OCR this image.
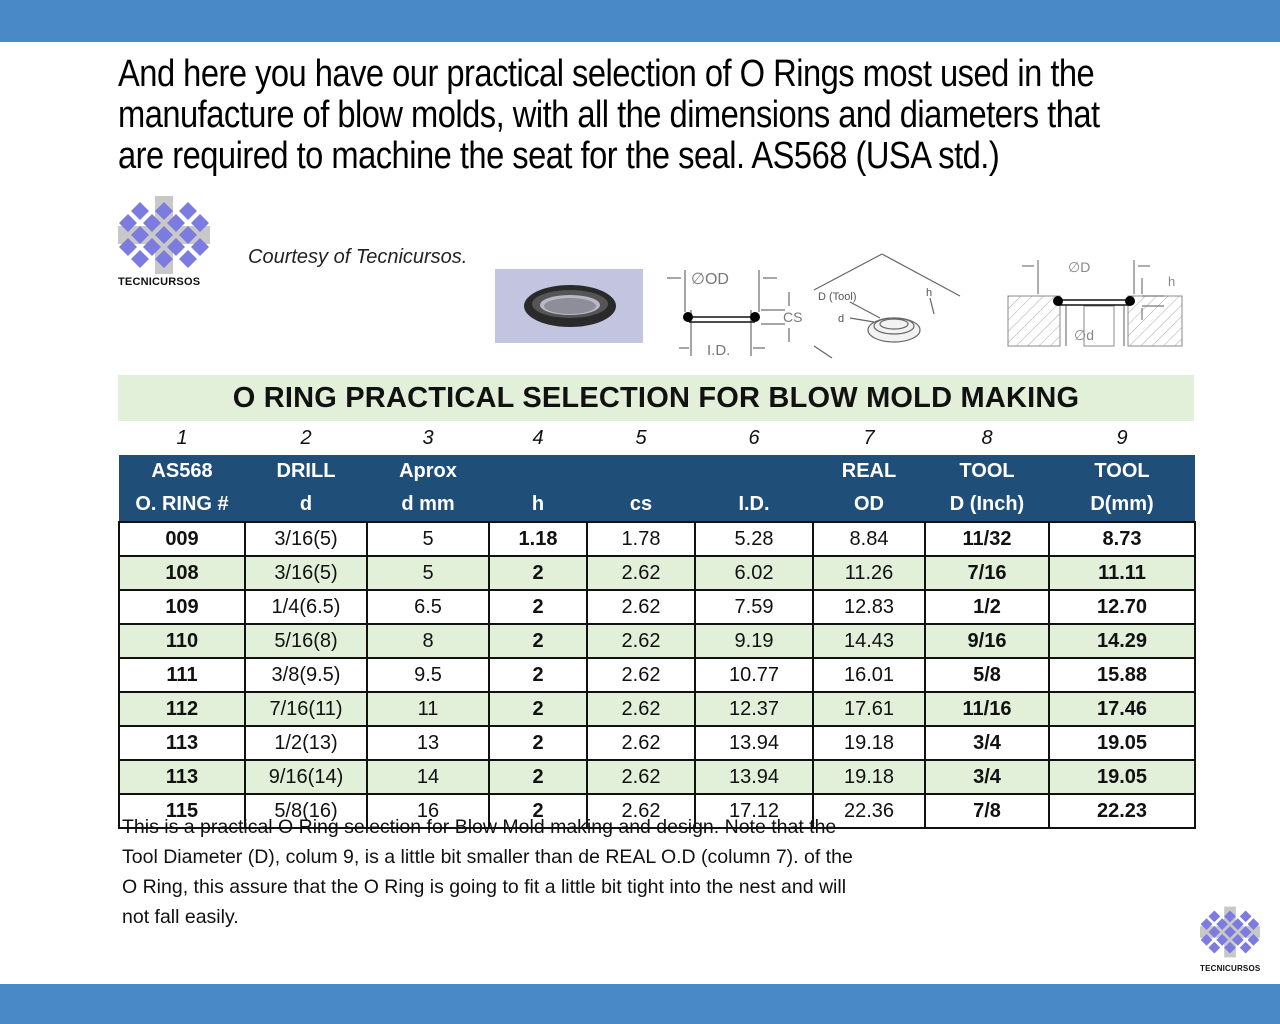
And here you have our practical selection of O Rings most used in the
manufacture of blow molds, with all the dimensions and diameters that
are required to machine the seat for the seal. AS568 (USA std.)
TECNICURSOS
Courtesy of Tecnicursos.
∅OD
CS
I.D.
D (Tool)
d
h
∅D
h
∅d
O RING PRACTICAL SELECTION FOR BLOW MOLD MAKING
1	2	3	4	5	6	7	8	9
AS568	DRILL	Aprox				REAL	TOOL	TOOL
O. RING #	d	d mm	h	cs	I.D.	OD	D (Inch)	D(mm)
009	3/16(5)	5	1.18	1.78	5.28	8.84	11/32	8.73
108	3/16(5)	5	2	2.62	6.02	11.26	7/16	11.11
109	1/4(6.5)	6.5	2	2.62	7.59	12.83	1/2	12.70
110	5/16(8)	8	2	2.62	9.19	14.43	9/16	14.29
111	3/8(9.5)	9.5	2	2.62	10.77	16.01	5/8	15.88
112	7/16(11)	11	2	2.62	12.37	17.61	11/16	17.46
113	1/2(13)	13	2	2.62	13.94	19.18	3/4	19.05
113	9/16(14)	14	2	2.62	13.94	19.18	3/4	19.05
115	5/8(16)	16	2	2.62	17.12	22.36	7/8	22.23
This is a practical O Ring selection for Blow Mold making and design. Note that the
Tool Diameter (D), colum 9, is a little bit smaller than de REAL O.D (column 7). of the
O Ring, this assure that the O Ring is going to fit a little bit tight into the nest and will
not fall easily.
TECNICURSOS
